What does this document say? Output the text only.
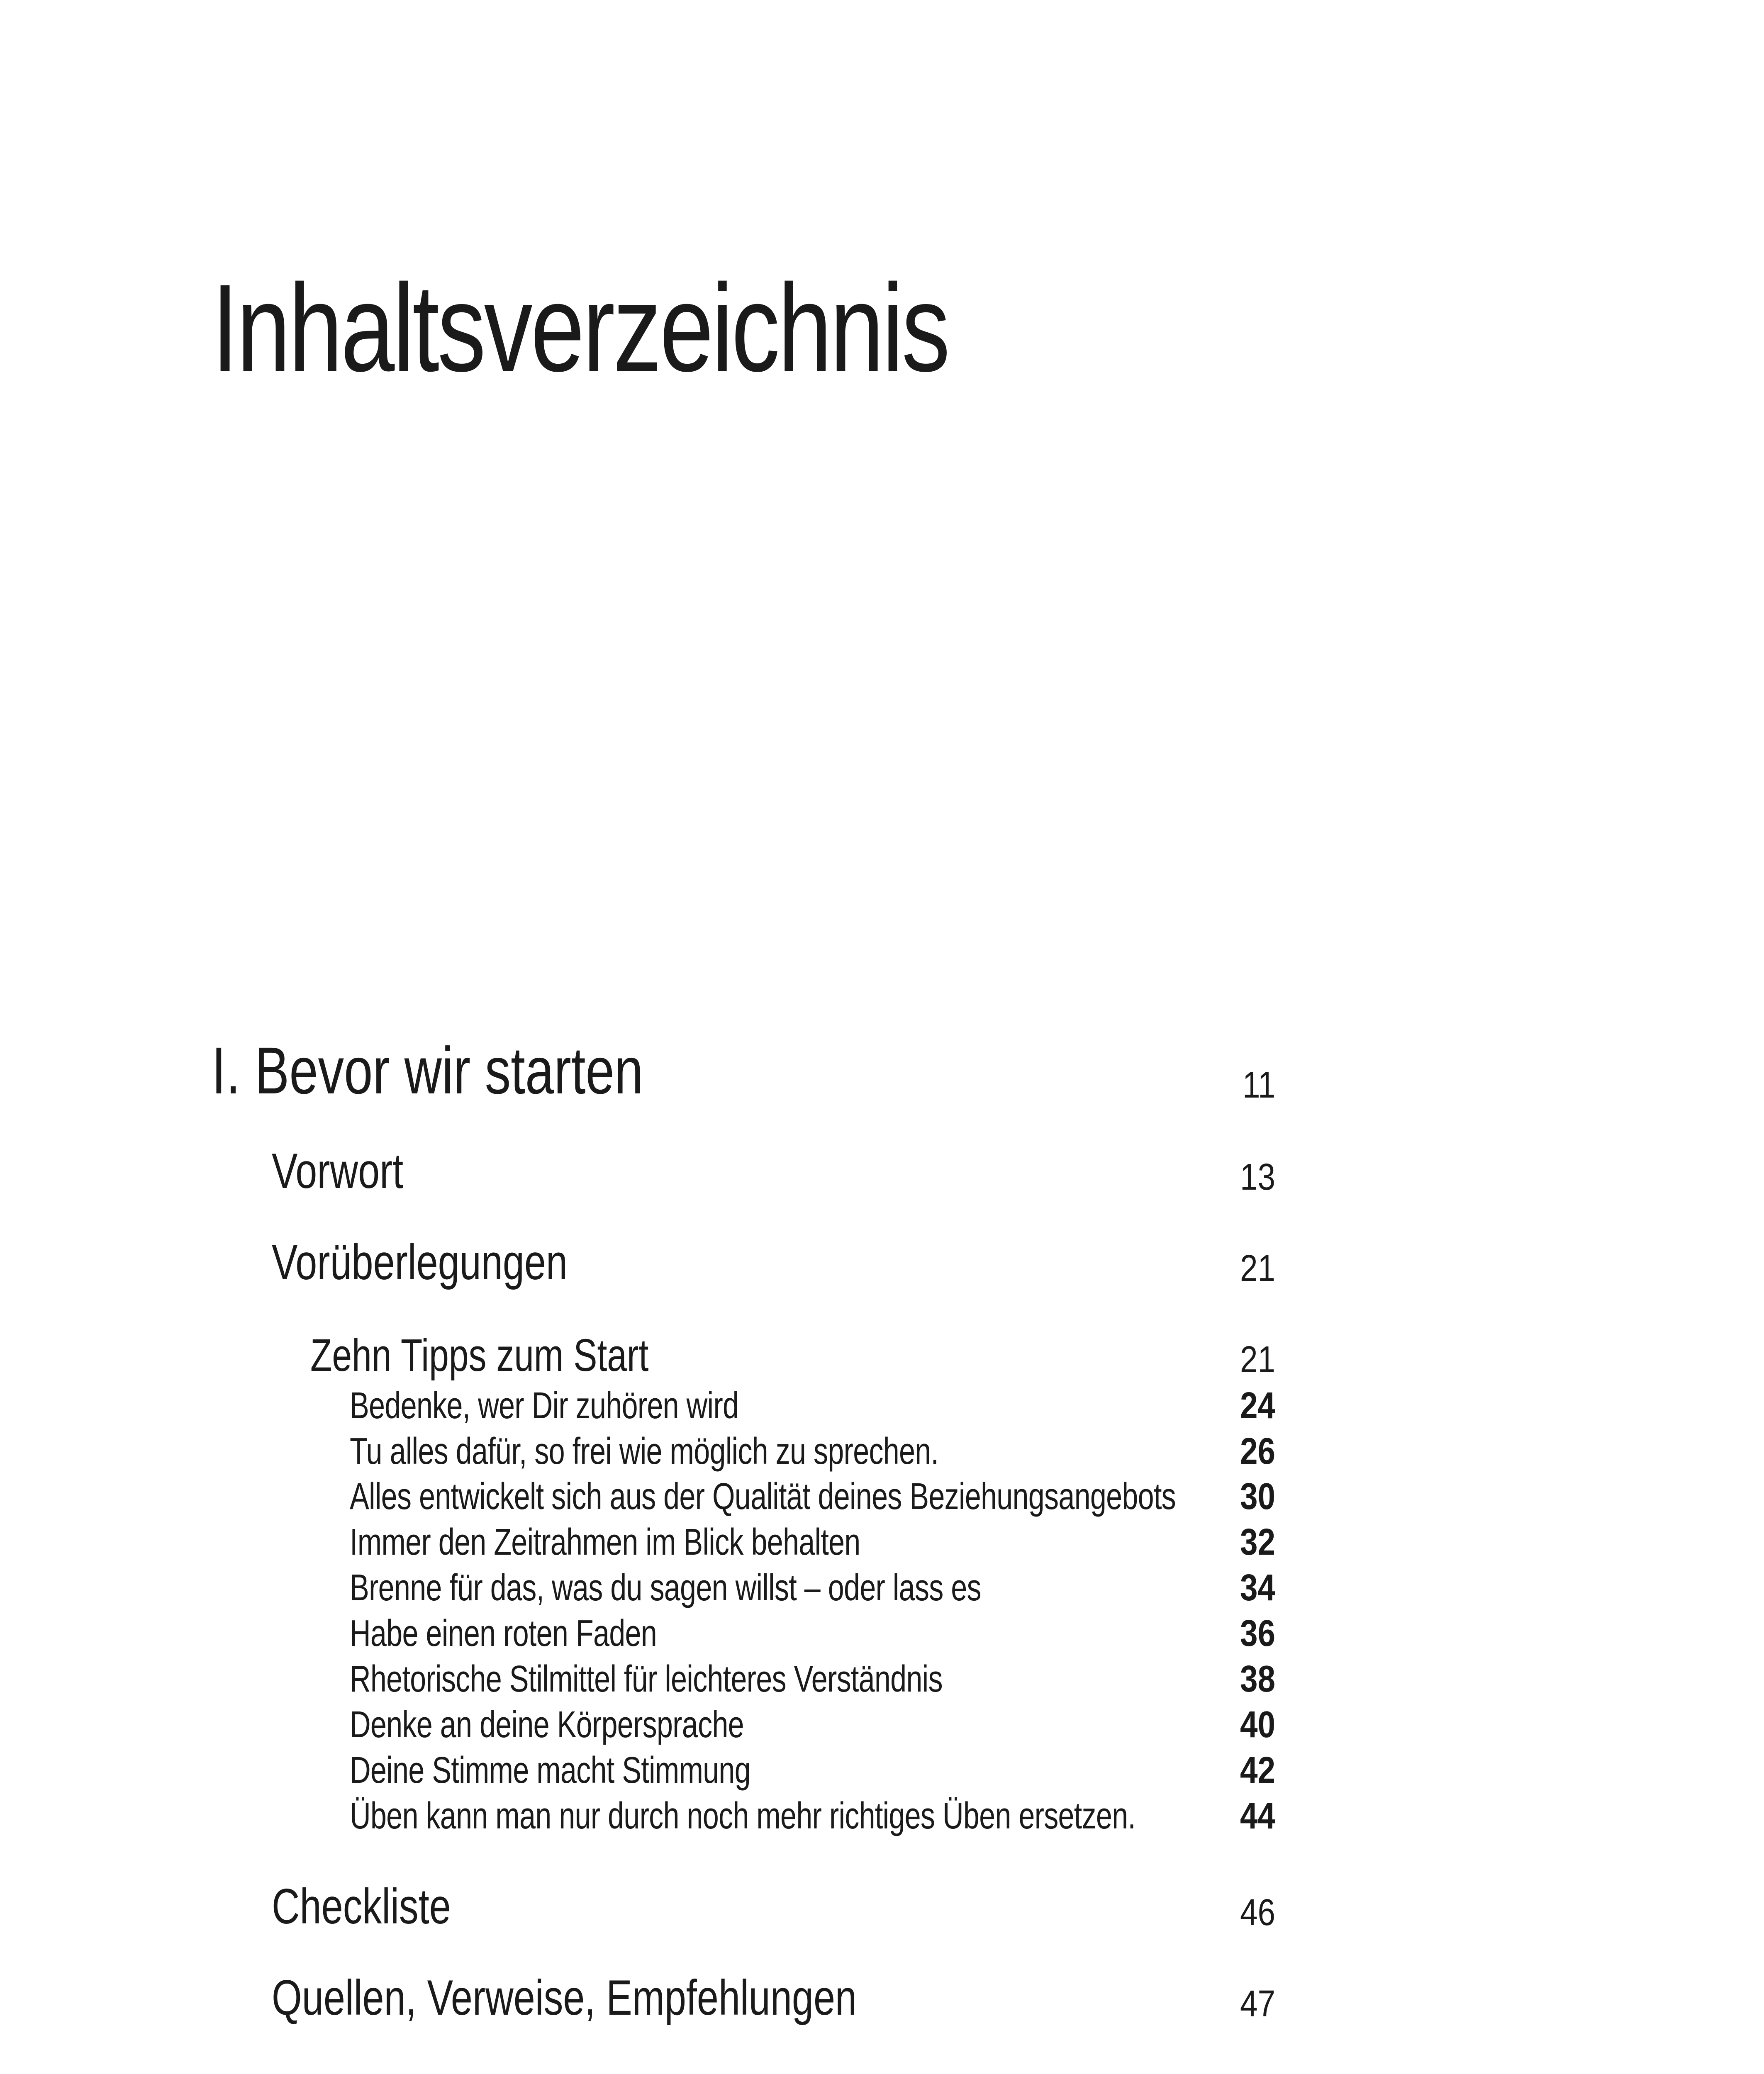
Inhaltsverzeichnis
I. Bevor wir starten	11
Vorwort	13
Vorüberlegungen	21
Zehn Tipps zum Start	21
Bedenke, wer Dir zuhören wird	24
Tu alles dafür, so frei wie möglich zu sprechen.	26
Alles entwickelt sich aus der Qualität deines Beziehungsangebots 30
Immer den Zeitrahmen im Blick behalten	32
Brenne für das, was du sagen willst – oder lass es	34
Habe einen roten Faden	36
Rhetorische Stilmittel für leichteres Verständnis	38
Denke an deine Körpersprache	40
Deine Stimme macht Stimmung	42
Üben kann man nur durch noch mehr richtiges Üben ersetzen.	44
Checkliste	46
Quellen, Verweise, Empfehlungen	47
